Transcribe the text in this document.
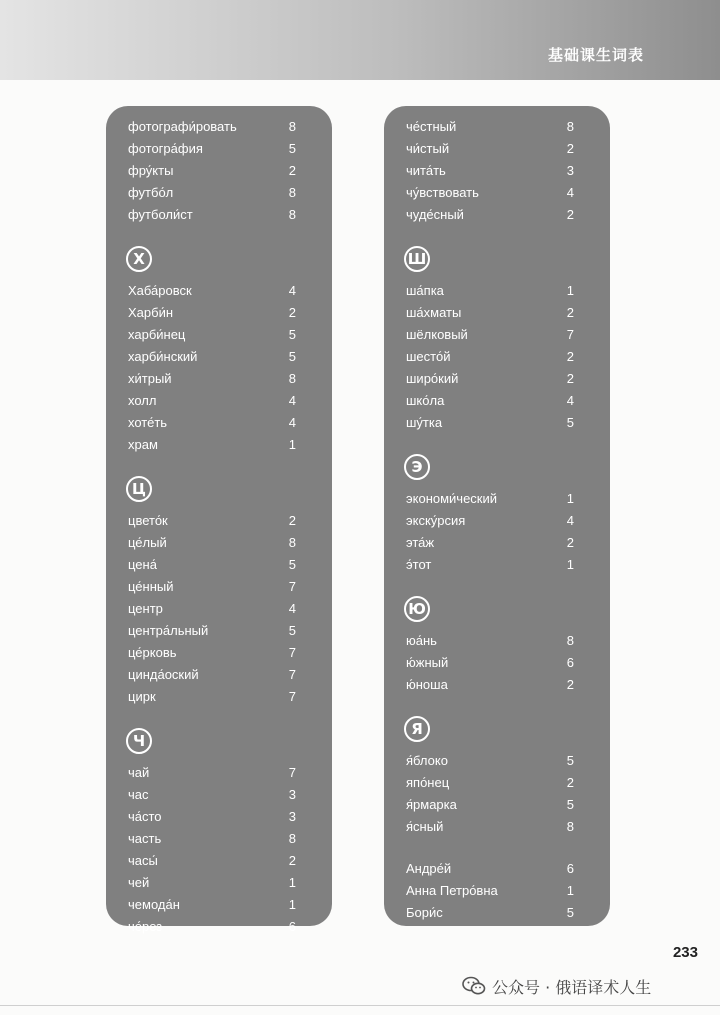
基础课生词表
фотографи́ровать	8
фотогра́фия	5
фру́кты	2
футбо́л	8
футболи́ст	8
Х
Хаба́ровск	4
Харби́н	2
харби́нец	5
харби́нский	5
хи́трый	8
холл	4
хоте́ть	4
храм	1
Ц
цвето́к	2
це́лый	8
цена́	5
це́нный	7
центр	4
центра́льный	5
це́рковь	7
цинда́оский	7
цирк	7
Ч
чай	7
час	3
ча́сто	3
часть	8
часы́	2
чей	1
чемода́н	1
че́рез	6
че́стный	8
чи́стый	2
чита́ть	3
чу́вствовать	4
чуде́сный	2
Ш
ша́пка	1
ша́хматы	2
шёлковый	7
шесто́й	2
широ́кий	2
шко́ла	4
шу́тка	5
Э
экономи́ческий	1
экску́рсия	4
эта́ж	2
э́тот	1
Ю
юа́нь	8
ю́жный	6
ю́ноша	2
Я
я́блоко	5
япо́нец	2
я́рмарка	5
я́сный	8
Андре́й	6
Анна Петро́вна	1
Бори́с	5
233
公众号 · 俄语译术人生
